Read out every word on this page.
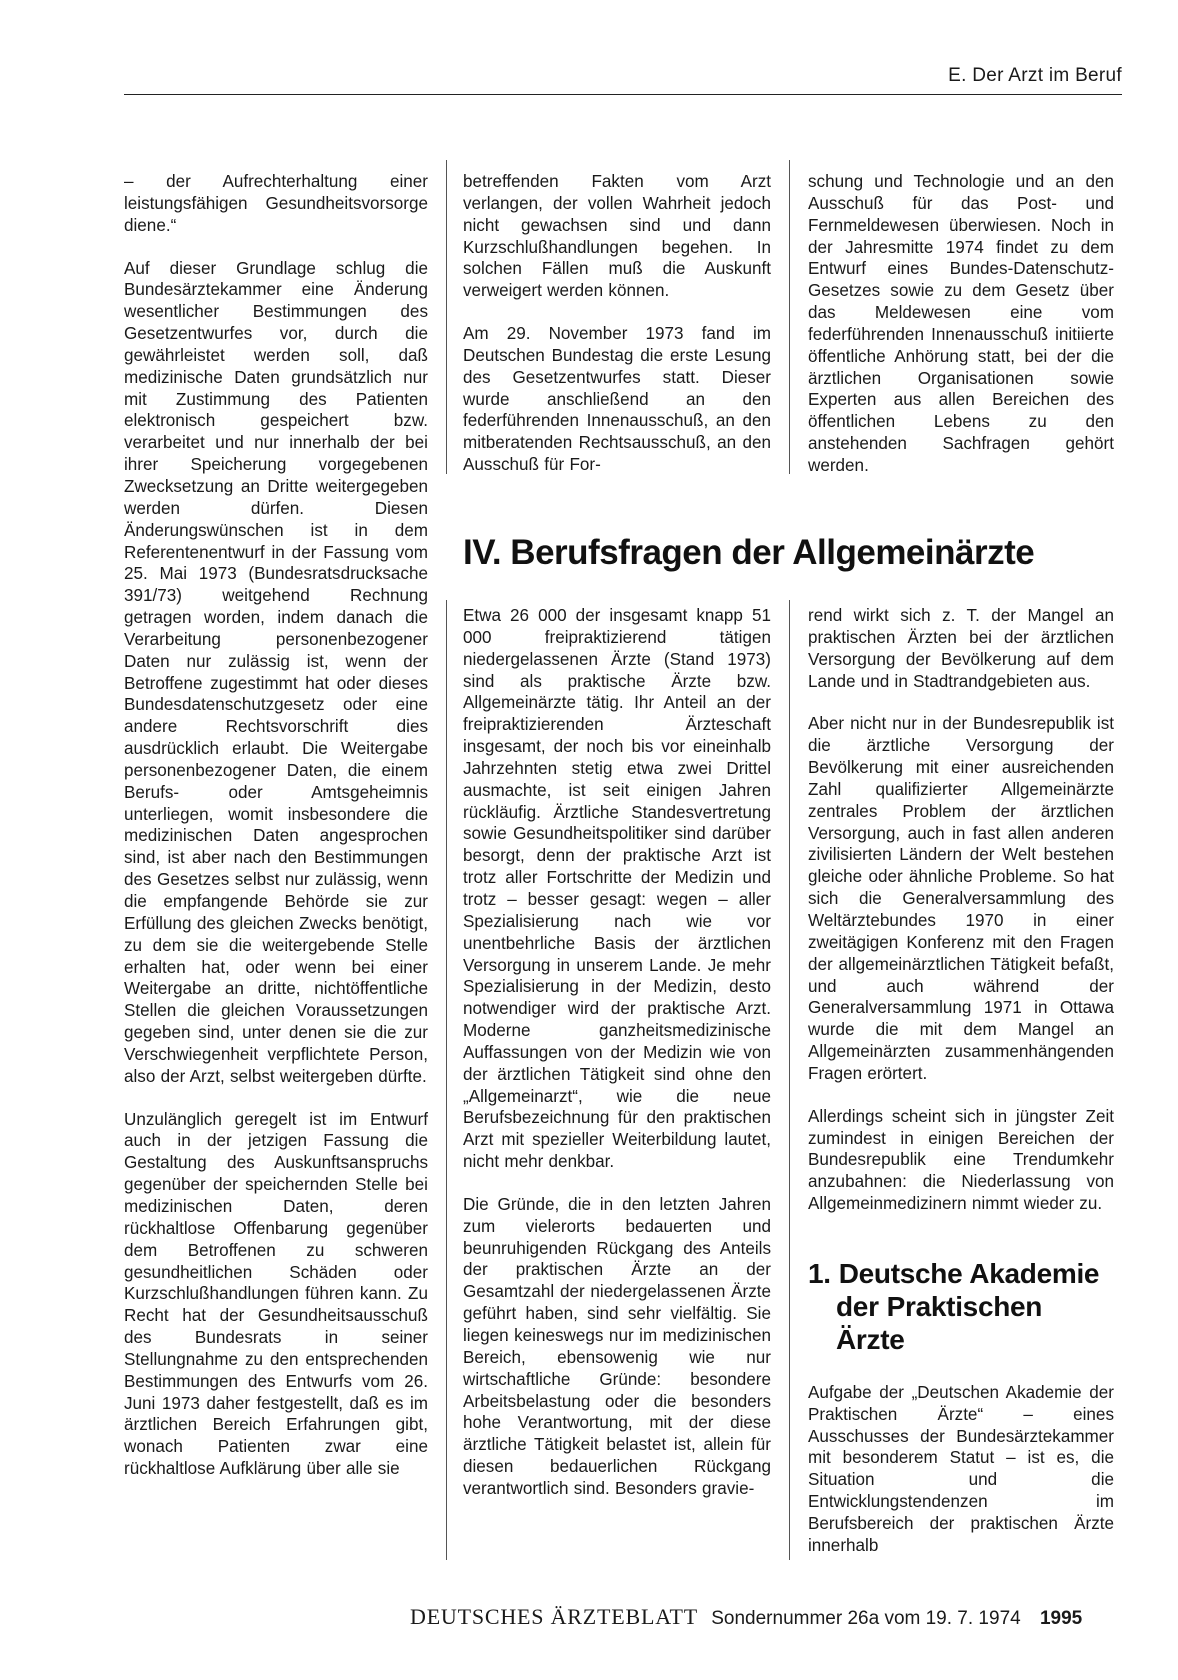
E. Der Arzt im Beruf

– der Aufrechterhaltung einer leistungsfähigen Gesundheitsvorsorge diene.“

Auf dieser Grundlage schlug die Bundesärztekammer eine Änderung wesentlicher Bestimmungen des Gesetzentwurfes vor, durch die gewährleistet werden soll, daß medizinische Daten grundsätzlich nur mit Zustimmung des Patienten elektronisch gespeichert bzw. verarbeitet und nur innerhalb der bei ihrer Speicherung vorgegebenen Zwecksetzung an Dritte weitergegeben werden dürfen. Diesen Änderungswünschen ist in dem Referentenentwurf in der Fassung vom 25. Mai 1973 (Bundesratsdrucksache 391/73) weitgehend Rechnung getragen worden, indem danach die Verarbeitung personenbezogener Daten nur zulässig ist, wenn der Betroffene zugestimmt hat oder dieses Bundesdatenschutzgesetz oder eine andere Rechtsvorschrift dies ausdrücklich erlaubt. Die Weitergabe personenbezogener Daten, die einem Berufs- oder Amtsgeheimnis unterliegen, womit insbesondere die medizinischen Daten angesprochen sind, ist aber nach den Bestimmungen des Gesetzes selbst nur zulässig, wenn die empfangende Behörde sie zur Erfüllung des gleichen Zwecks benötigt, zu dem sie die weitergebende Stelle erhalten hat, oder wenn bei einer Weitergabe an dritte, nichtöffentliche Stellen die gleichen Voraussetzungen gegeben sind, unter denen sie die zur Verschwiegenheit verpflichtete Person, also der Arzt, selbst weitergeben dürfte.

Unzulänglich geregelt ist im Entwurf auch in der jetzigen Fassung die Gestaltung des Auskunftsanspruchs gegenüber der speichernden Stelle bei medizinischen Daten, deren rückhaltlose Offenbarung gegenüber dem Betroffenen zu schweren gesundheitlichen Schäden oder Kurzschlußhandlungen führen kann. Zu Recht hat der Gesundheitsausschuß des Bundesrats in seiner Stellungnahme zu den entsprechenden Bestimmungen des Entwurfs vom 26. Juni 1973 daher festgestellt, daß es im ärztlichen Bereich Erfahrungen gibt, wonach Patienten zwar eine rückhaltlose Aufklärung über alle sie

betreffenden Fakten vom Arzt verlangen, der vollen Wahrheit jedoch nicht gewachsen sind und dann Kurzschlußhandlungen begehen. In solchen Fällen muß die Auskunft verweigert werden können.

Am 29. November 1973 fand im Deutschen Bundestag die erste Lesung des Gesetzentwurfes statt. Dieser wurde anschließend an den federführenden Innenausschuß, an den mitberatenden Rechtsausschuß, an den Ausschuß für For-

schung und Technologie und an den Ausschuß für das Post- und Fernmeldewesen überwiesen. Noch in der Jahresmitte 1974 findet zu dem Entwurf eines Bundes-Datenschutz-Gesetzes sowie zu dem Gesetz über das Meldewesen eine vom federführenden Innenausschuß initiierte öffentliche Anhörung statt, bei der die ärztlichen Organisationen sowie Experten aus allen Bereichen des öffentlichen Lebens zu den anstehenden Sachfragen gehört werden.

IV. Berufsfragen der Allgemeinärzte

Etwa 26 000 der insgesamt knapp 51 000 freipraktizierend tätigen niedergelassenen Ärzte (Stand 1973) sind als praktische Ärzte bzw. Allgemeinärzte tätig. Ihr Anteil an der freipraktizierenden Ärzteschaft insgesamt, der noch bis vor eineinhalb Jahrzehnten stetig etwa zwei Drittel ausmachte, ist seit einigen Jahren rückläufig. Ärztliche Standesvertretung sowie Gesundheitspolitiker sind darüber besorgt, denn der praktische Arzt ist trotz aller Fortschritte der Medizin und trotz – besser gesagt: wegen – aller Spezialisierung nach wie vor unentbehrliche Basis der ärztlichen Versorgung in unserem Lande. Je mehr Spezialisierung in der Medizin, desto notwendiger wird der praktische Arzt. Moderne ganzheitsmedizinische Auffassungen von der Medizin wie von der ärztlichen Tätigkeit sind ohne den „Allgemeinarzt“, wie die neue Berufsbezeichnung für den praktischen Arzt mit spezieller Weiterbildung lautet, nicht mehr denkbar.

Die Gründe, die in den letzten Jahren zum vielerorts bedauerten und beunruhigenden Rückgang des Anteils der praktischen Ärzte an der Gesamtzahl der niedergelassenen Ärzte geführt haben, sind sehr vielfältig. Sie liegen keineswegs nur im medizinischen Bereich, ebensowenig wie nur wirtschaftliche Gründe: besondere Arbeitsbelastung oder die besonders hohe Verantwortung, mit der diese ärztliche Tätigkeit belastet ist, allein für diesen bedauerlichen Rückgang verantwortlich sind. Besonders gravie-

rend wirkt sich z. T. der Mangel an praktischen Ärzten bei der ärztlichen Versorgung der Bevölkerung auf dem Lande und in Stadtrandgebieten aus.

Aber nicht nur in der Bundesrepublik ist die ärztliche Versorgung der Bevölkerung mit einer ausreichenden Zahl qualifizierter Allgemeinärzte zentrales Problem der ärztlichen Versorgung, auch in fast allen anderen zivilisierten Ländern der Welt bestehen gleiche oder ähnliche Probleme. So hat sich die Generalversammlung des Weltärztebundes 1970 in einer zweitägigen Konferenz mit den Fragen der allgemeinärztlichen Tätigkeit befaßt, und auch während der Generalversammlung 1971 in Ottawa wurde die mit dem Mangel an Allgemeinärzten zusammenhängenden Fragen erörtert.

Allerdings scheint sich in jüngster Zeit zumindest in einigen Bereichen der Bundesrepublik eine Trendumkehr anzubahnen: die Niederlassung von Allgemeinmedizinern nimmt wieder zu.

1. Deutsche Akademie
der Praktischen Ärzte

Aufgabe der „Deutschen Akademie der Praktischen Ärzte“ – eines Ausschusses der Bundesärztekammer mit besonderem Statut – ist es, die Situation und die Entwicklungstendenzen im Berufsbereich der praktischen Ärzte innerhalb

DEUTSCHES ÄRZTEBLATT Sondernummer 26a vom 19. 7. 1974 1995
